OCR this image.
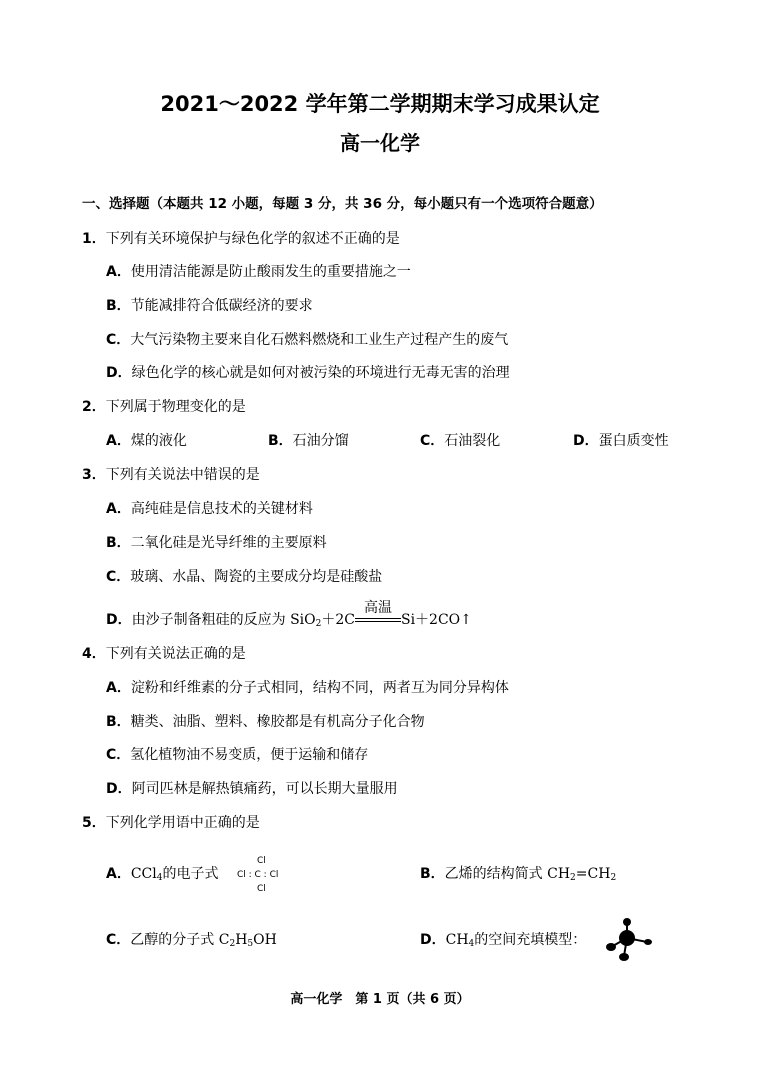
2021～2022 学年第二学期期末学习成果认定
高一化学
一、选择题（本题共 12 小题，每题 3 分，共 36 分，每小题只有一个选项符合题意）
1．下列有关环境保护与绿色化学的叙述不正确的是
A．使用清洁能源是防止酸雨发生的重要措施之一
B．节能减排符合低碳经济的要求
C．大气污染物主要来自化石燃料燃烧和工业生产过程产生的废气
D．绿色化学的核心就是如何对被污染的环境进行无毒无害的治理
2．下列属于物理变化的是
A．煤的液化	B．石油分馏	C．石油裂化	D．蛋白质变性
3．下列有关说法中错误的是
A．高纯硅是信息技术的关键材料
B．二氧化硅是光导纤维的主要原料
C．玻璃、水晶、陶瓷的主要成分均是硅酸盐
D．由沙子制备粗硅的反应为 SiO$_2$＋2C
高温
Si＋2CO↑
4．下列有关说法正确的是
A．淀粉和纤维素的分子式相同，结构不同，两者互为同分异构体
B．糖类、油脂、塑料、橡胶都是有机高分子化合物
C．氢化植物油不易变质，便于运输和储存
D．阿司匹林是解热镇痛药，可以长期大量服用
5．下列化学用语中正确的是
A．CCl$_4$的电子式
Cl
Cl : C : Cl
Cl
B．乙烯的结构简式 $CH_2=CH_2$
C．乙醇的分子式 $C_2H_5OH$	D．$CH_4$的空间充填模型：
高一化学　第 1 页（共 6 页）
